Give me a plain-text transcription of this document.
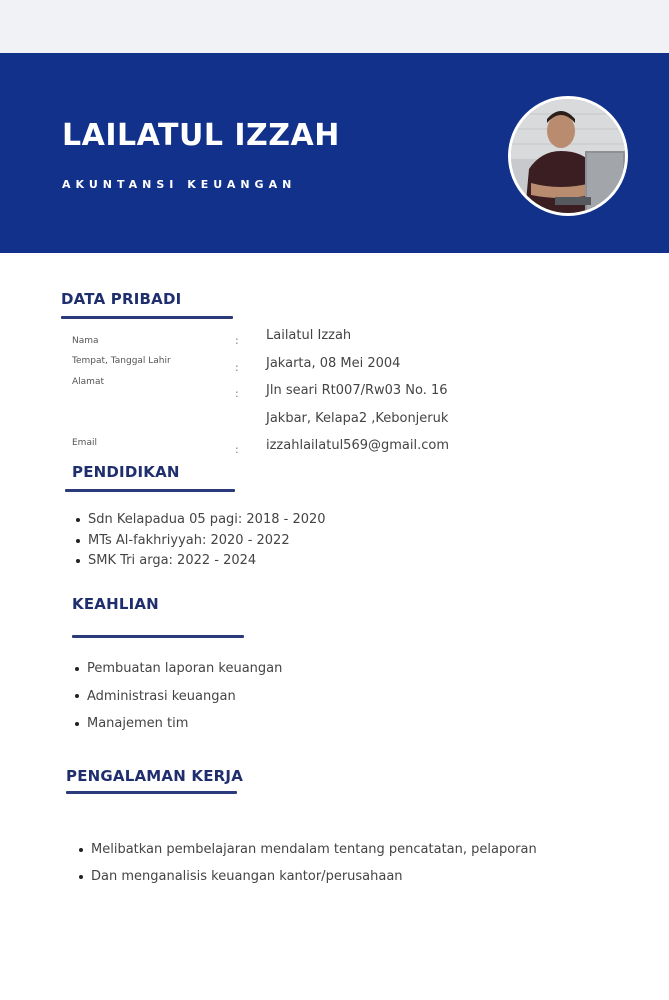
LAILATUL IZZAH
AKUNTANSI KEUANGAN
DATA PRIBADI
Nama
Tempat, Tanggal Lahir
Alamat
Email
:
:
:
:
Lailatul Izzah
Jakarta, 08 Mei 2004
Jln seari Rt007/Rw03 No. 16
Jakbar, Kelapa2 ,Kebonjeruk
izzahlailatul569@gmail.com
PENDIDIKAN
Sdn Kelapadua 05 pagi: 2018 - 2020
MTs Al-fakhriyyah: 2020 - 2022
SMK Tri arga: 2022 - 2024
KEAHLIAN
Pembuatan laporan keuangan
Administrasi keuangan
Manajemen tim
PENGALAMAN KERJA
Melibatkan pembelajaran mendalam tentang pencatatan, pelaporan
Dan menganalisis keuangan kantor/perusahaan
